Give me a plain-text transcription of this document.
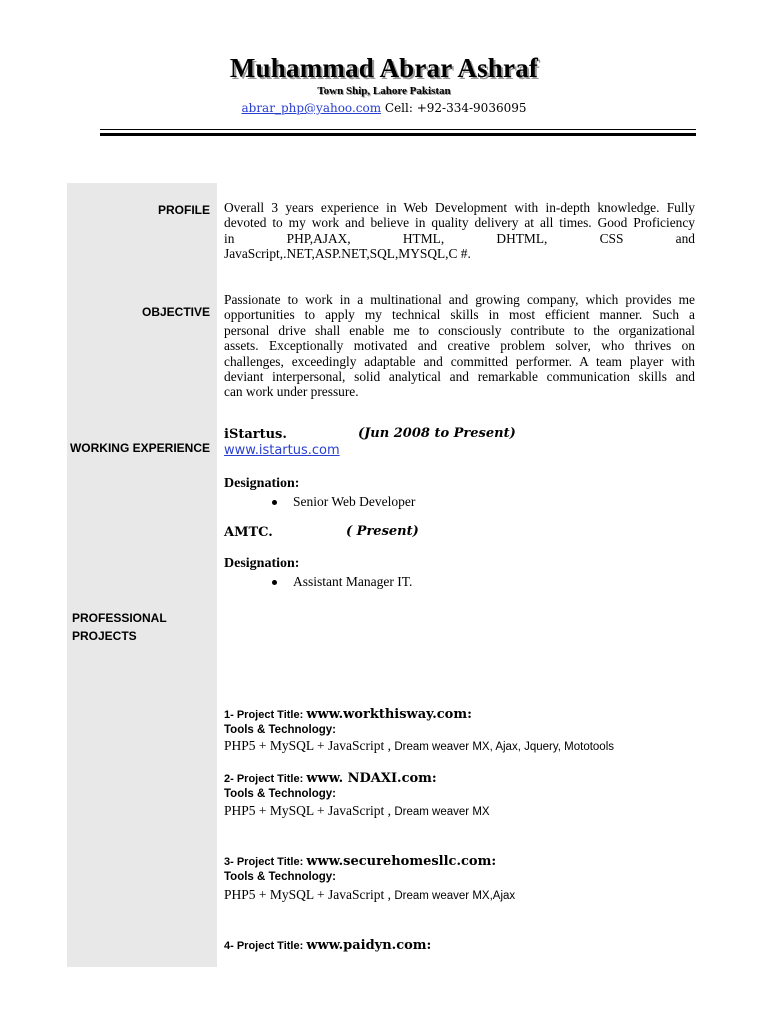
Muhammad Abrar Ashraf
Town Ship, Lahore Pakistan
abrar_php@yahoo.com Cell: +92-334-9036095
PROFILE
OBJECTIVE
WORKING EXPERIENCE
PROFESSIONAL
PROJECTS
Overall 3 years experience in Web Development with in-depth knowledge. Fully
devoted to my work and believe in quality delivery at all times. Good Proficiency
in PHP,AJAX, HTML, DHTML, CSS and
JavaScript,.NET,ASP.NET,SQL,MYSQL,C #.
Passionate to work in a multinational and growing company, which provides me
opportunities to apply my technical skills in most efficient manner. Such a
personal drive shall enable me to consciously contribute to the organizational
assets. Exceptionally motivated and creative problem solver, who thrives on
challenges, exceedingly adaptable and committed performer. A team player with
deviant interpersonal, solid analytical and remarkable communication skills and
can work under pressure.
iStartus.	(Jun 2008 to Present)
www.istartus.com
Designation:
Senior Web Developer
AMTC.	( Present)
Designation:
Assistant Manager IT.
1- Project Title: www.workthisway.com:
Tools & Technology:
PHP5 + MySQL + JavaScript , Dream weaver MX, Ajax, Jquery, Mototools
2- Project Title: www. NDAXI.com:
Tools & Technology:
PHP5 + MySQL + JavaScript , Dream weaver MX
3- Project Title: www.securehomesllc.com:
Tools & Technology:
PHP5 + MySQL + JavaScript , Dream weaver MX,Ajax
4- Project Title: www.paidyn.com:
